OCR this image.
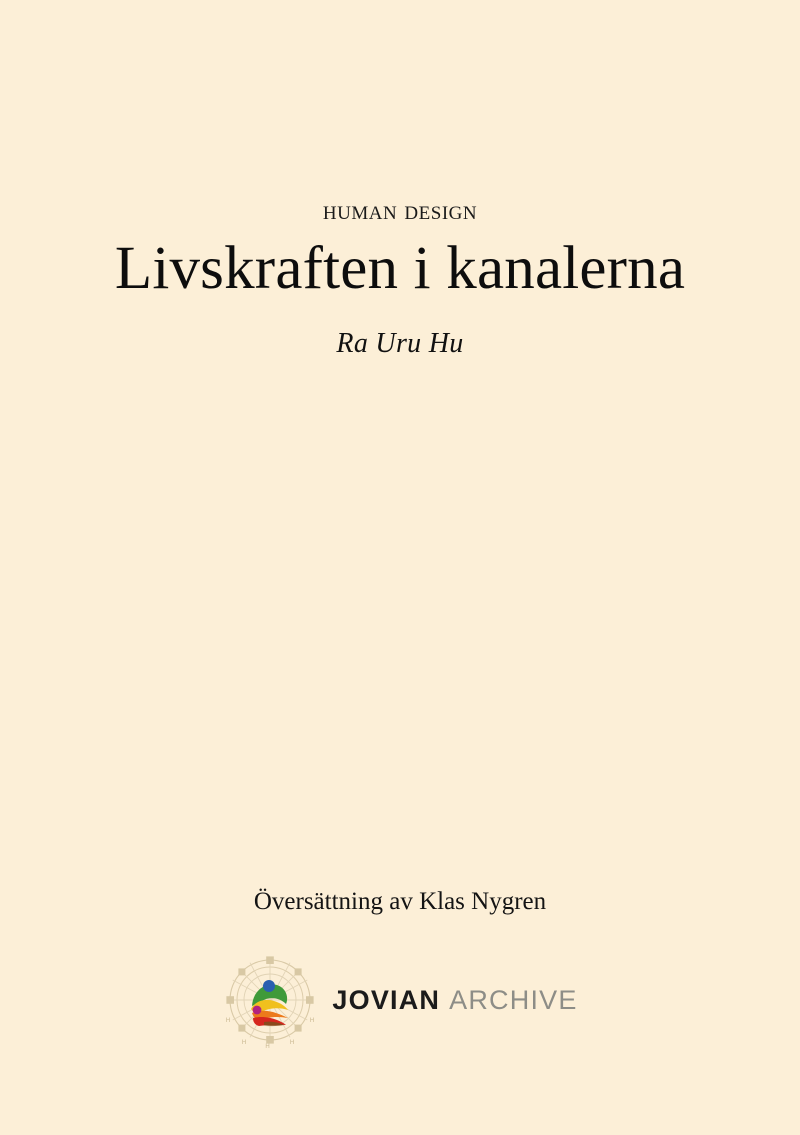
human design
Livskraften i kanalerna
Ra Uru Hu
Översättning av Klas Nygren
H
H	H
H	H
JOVIAN ARCHIVE
